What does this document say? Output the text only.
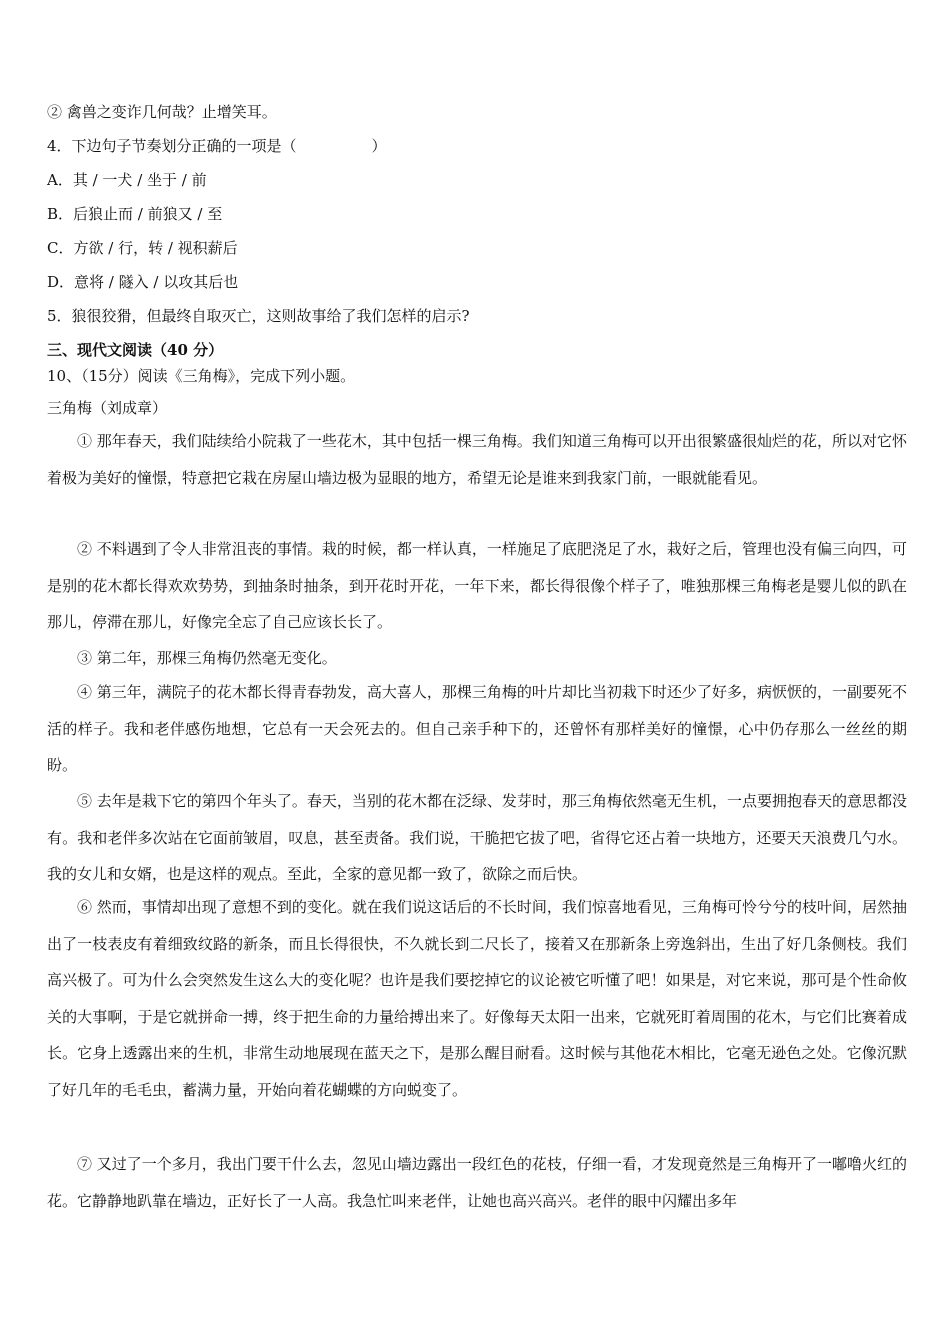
② 禽兽之变诈几何哉？止增笑耳。
4．下边句子节奏划分正确的一项是（　　　　　）
A．其 / 一犬 / 坐于 / 前
B．后狼止而 / 前狼又 / 至
C．方欲 / 行，转 / 视积薪后
D．意将 / 隧入 / 以攻其后也
5．狼很狡猾，但最终自取灭亡，这则故事给了我们怎样的启示?
三、现代文阅读（40 分）
10、（15分）阅读《三角梅》，完成下列小题。
三角梅（刘成章）
① 那年春天，我们陆续给小院栽了一些花木，其中包括一棵三角梅。我们知道三角梅可以开出很繁盛很灿烂的花，所以对它怀着极为美好的憧憬，特意把它栽在房屋山墙边极为显眼的地方，希望无论是谁来到我家门前，一眼就能看见。
② 不料遇到了令人非常沮丧的事情。栽的时候，都一样认真，一样施足了底肥浇足了水，栽好之后，管理也没有偏三向四，可是别的花木都长得欢欢势势，到抽条时抽条，到开花时开花，一年下来，都长得很像个样子了，唯独那棵三角梅老是婴儿似的趴在那儿，停滞在那儿，好像完全忘了自己应该长长了。
③ 第二年，那棵三角梅仍然毫无变化。
④ 第三年，满院子的花木都长得青春勃发，高大喜人，那棵三角梅的叶片却比当初栽下时还少了好多，病恹恹的，一副要死不活的样子。我和老伴感伤地想，它总有一天会死去的。但自己亲手种下的，还曾怀有那样美好的憧憬，心中仍存那么一丝丝的期盼。
⑤ 去年是栽下它的第四个年头了。春天，当别的花木都在泛绿、发芽时，那三角梅依然毫无生机，一点要拥抱春天的意思都没有。我和老伴多次站在它面前皱眉，叹息，甚至责备。我们说，干脆把它拔了吧，省得它还占着一块地方，还要天天浪费几勺水。我的女儿和女婿，也是这样的观点。至此，全家的意见都一致了，欲除之而后快。
⑥ 然而，事情却出现了意想不到的变化。就在我们说这话后的不长时间，我们惊喜地看见，三角梅可怜兮兮的枝叶间，居然抽出了一枝表皮有着细致纹路的新条，而且长得很快，不久就长到二尺长了，接着又在那新条上旁逸斜出，生出了好几条侧枝。我们高兴极了。可为什么会突然发生这么大的变化呢？也许是我们要挖掉它的议论被它听懂了吧！如果是，对它来说，那可是个性命攸关的大事啊，于是它就拼命一搏，终于把生命的力量给搏出来了。好像每天太阳一出来，它就死盯着周围的花木，与它们比赛着成长。它身上透露出来的生机，非常生动地展现在蓝天之下，是那么醒目耐看。这时候与其他花木相比，它毫无逊色之处。它像沉默了好几年的毛毛虫，蓄满力量，开始向着花蝴蝶的方向蜕变了。
⑦ 又过了一个多月，我出门要干什么去，忽见山墙边露出一段红色的花枝，仔细一看，才发现竟然是三角梅开了一嘟噜火红的花。它静静地趴靠在墙边，正好长了一人高。我急忙叫来老伴，让她也高兴高兴。老伴的眼中闪耀出多年
